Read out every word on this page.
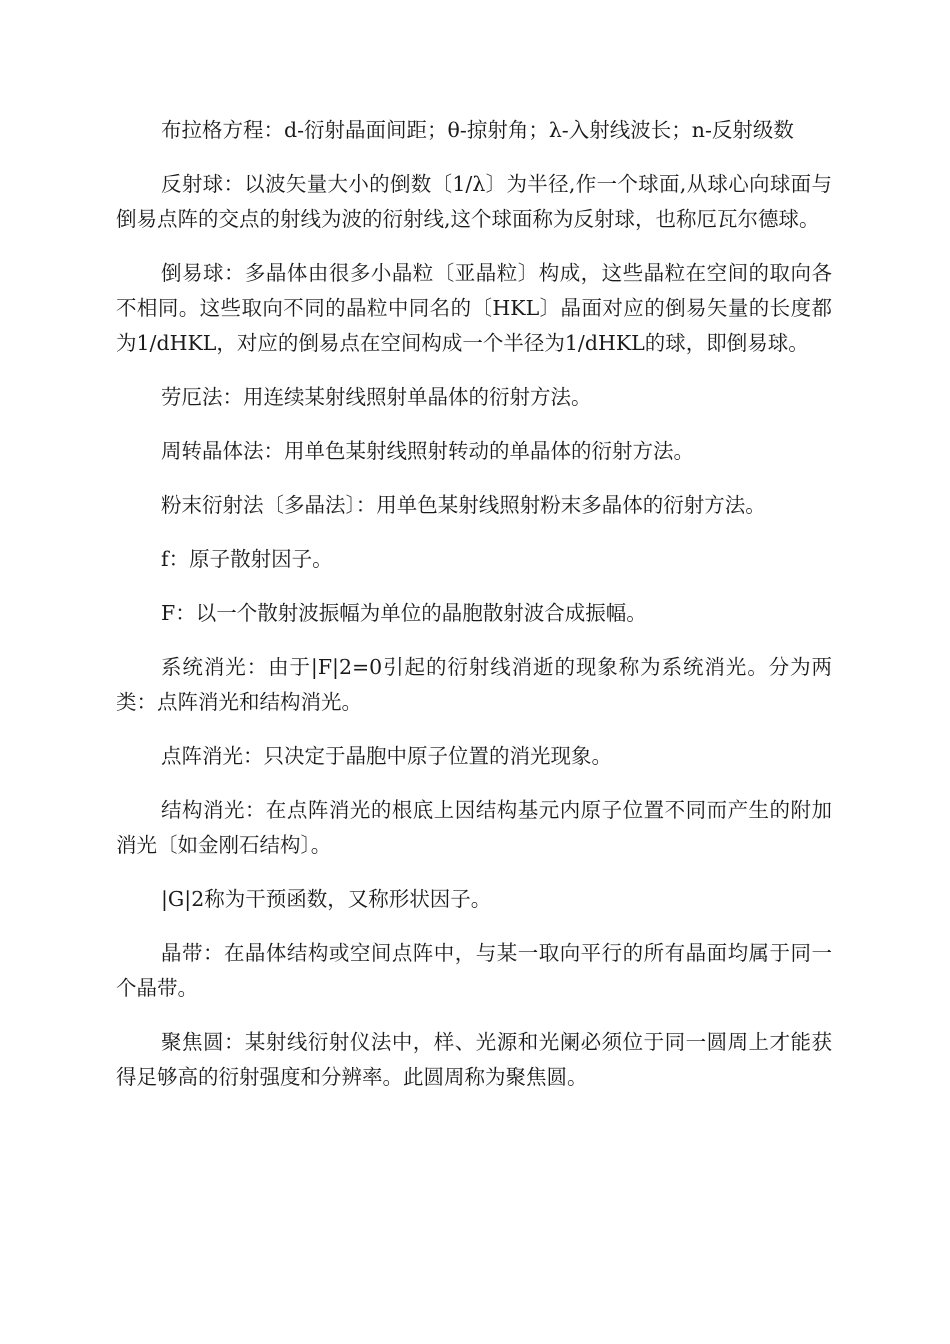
布拉格方程：d-衍射晶面间距；θ-掠射角；λ-入射线波长；n-反射级数

反射球：以波矢量大小的倒数〔1/λ〕为半径,作一个球面,从球心向球面与倒易点阵的交点的射线为波的衍射线,这个球面称为反射球，也称厄瓦尔德球。

倒易球：多晶体由很多小晶粒〔亚晶粒〕构成，这些晶粒在空间的取向各不相同。这些取向不同的晶粒中同名的〔HKL〕晶面对应的倒易矢量的长度都为1/dHKL，对应的倒易点在空间构成一个半径为1/dHKL的球，即倒易球。

劳厄法：用连续某射线照射单晶体的衍射方法。

周转晶体法：用单色某射线照射转动的单晶体的衍射方法。

粉末衍射法〔多晶法〕：用单色某射线照射粉末多晶体的衍射方法。

f：原子散射因子。

F：以一个散射波振幅为单位的晶胞散射波合成振幅。

系统消光：由于|F|2=0引起的衍射线消逝的现象称为系统消光。分为两类：点阵消光和结构消光。

点阵消光：只决定于晶胞中原子位置的消光现象。

结构消光：在点阵消光的根底上因结构基元内原子位置不同而产生的附加消光〔如金刚石结构〕。

|G|2称为干预函数，又称形状因子。

晶带：在晶体结构或空间点阵中，与某一取向平行的所有晶面均属于同一个晶带。

聚焦圆：某射线衍射仪法中，样、光源和光阑必须位于同一圆周上才能获得足够高的衍射强度和分辨率。此圆周称为聚焦圆。
